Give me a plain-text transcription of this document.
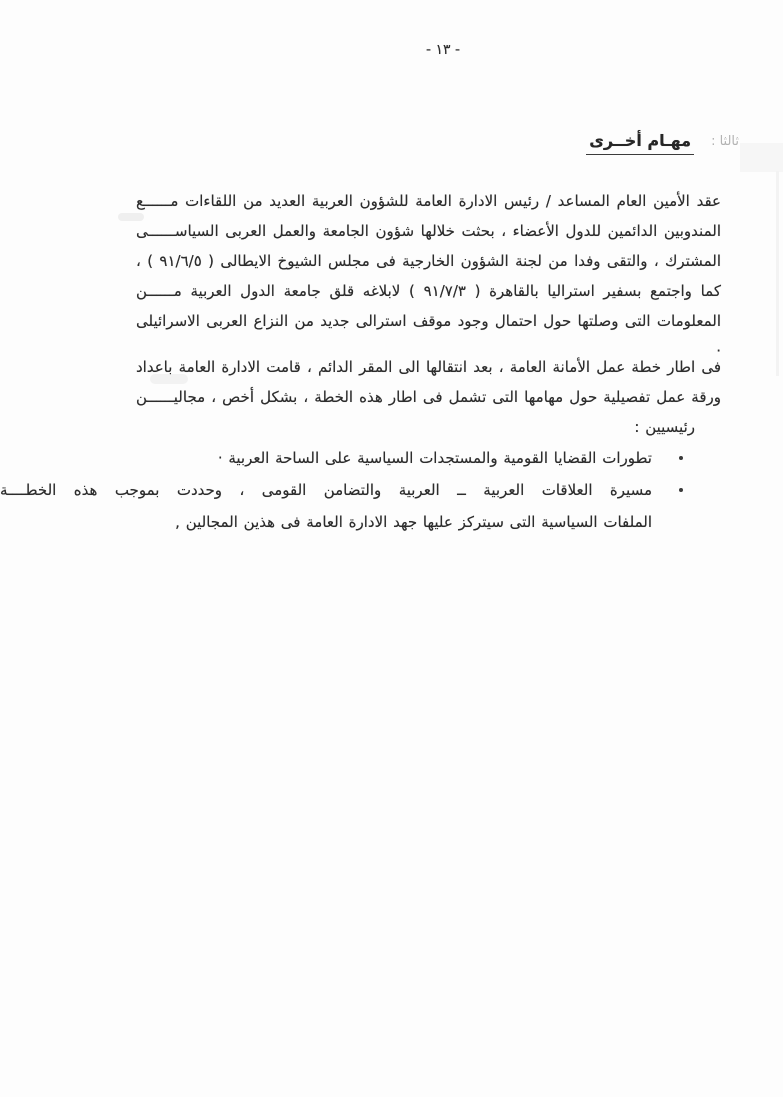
- ١٣ -
ثالثا :
مهـام أخــرى
عقد الأمين العام المساعد / رئيس الادارة العامة للشؤون العربية العديد من اللقاءات مــــــع
المندوبين الدائمين للدول الأعضاء ، بحثت خلالها شؤون الجامعة والعمل العربى السياســــــى
المشترك ، والتقى وفدا من لجنة الشؤون الخارجية فى مجلس الشيوخ الايطالى ( ٩١/٦/٥ ) ،
كما واجتمع بسفير استراليا بالقاهرة ( ٩١/٧/٣ ) لابلاغه قلق جامعة الدول العربية مــــــن
المعلومات التى وصلتها حول احتمال وجود موقف استرالى جديد من النزاع العربى الاسرائيلى ·
فى اطار خطة عمل الأمانة العامة ، بعد انتقالها الى المقر الدائم ، قامت الادارة العامة باعداد
ورقة عمل تفصيلية حول مهامها التى تشمل فى اطار هذه الخطة ، بشكل أخص ، مجاليــــــن
رئيسيين :
تطورات القضايا القومية والمستجدات السياسية على الساحة العربية ·
مسيرة العلاقات العربية ــ العربية والتضامن القومى ، وحددت بموجب هذه الخطــــة
الملفات السياسية التى سيتركز عليها جهد الادارة العامة فى هذين المجالين ,
